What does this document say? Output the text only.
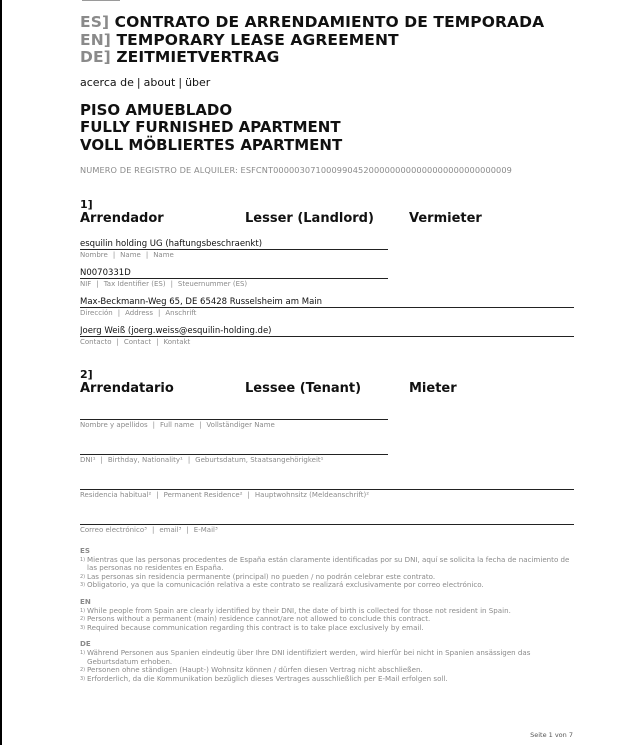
ES] CONTRATO DE ARRENDAMIENTO DE TEMPORADA
EN] TEMPORARY LEASE AGREEMENT
DE] ZEITMIETVERTRAG
acerca de | about | über
PISO AMUEBLADO
FULLY FURNISHED APARTMENT
VOLL MÖBLIERTES APARTMENT
NUMERO DE REGISTRO DE ALQUILER: ESFCNT000003071000990452000000000000000000000000009
1]
Arrendador	Lesser (Landlord)	Vermieter
esquilin holding UG (haftungsbeschraenkt)
Nombre | Name | Name
N0070331D
NIF | Tax Identifier (ES) | Steuernummer (ES)
Max-Beckmann-Weg 65, DE 65428 Russelsheim am Main
Dirección | Address | Anschrift
Joerg Weiß (joerg.weiss@esquilin-holding.de)
Contacto | Contact | Kontakt
2]
Arrendatario	Lessee (Tenant)	Mieter
Nombre y apellidos | Full name | Vollständiger Name
DNI¹ | Birthday, Nationality¹ | Geburtsdatum, Staatsangehörigkeit¹
Residencia habitual² | Permanent Residence² | Hauptwohnsitz (Meldeanschrift)²
Correo electrónico³ | email³ | E-Mail³
ES
1) Mientras que las personas procedentes de España están claramente identificadas por su DNI, aquí se solicita la fecha de nacimiento de las personas no residentes en España.
2) Las personas sin residencia permanente (principal) no pueden / no podrán celebrar este contrato.
3) Obligatorio, ya que la comunicación relativa a este contrato se realizará exclusivamente por correo electrónico.
EN
1) While people from Spain are clearly identified by their DNI, the date of birth is collected for those not resident in Spain.
2) Persons without a permanent (main) residence cannot/are not allowed to conclude this contract.
3) Required because communication regarding this contract is to take place exclusively by email.
DE
1) Während Personen aus Spanien eindeutig über Ihre DNI identifiziert werden, wird hierfür bei nicht in Spanien ansässigen das Geburtsdatum erhoben.
2) Personen ohne ständigen (Haupt-) Wohnsitz können / dürfen diesen Vertrag nicht abschließen.
3) Erforderlich, da die Kommunikation bezüglich dieses Vertrages ausschließlich per E-Mail erfolgen soll.
Seite 1 von 7
